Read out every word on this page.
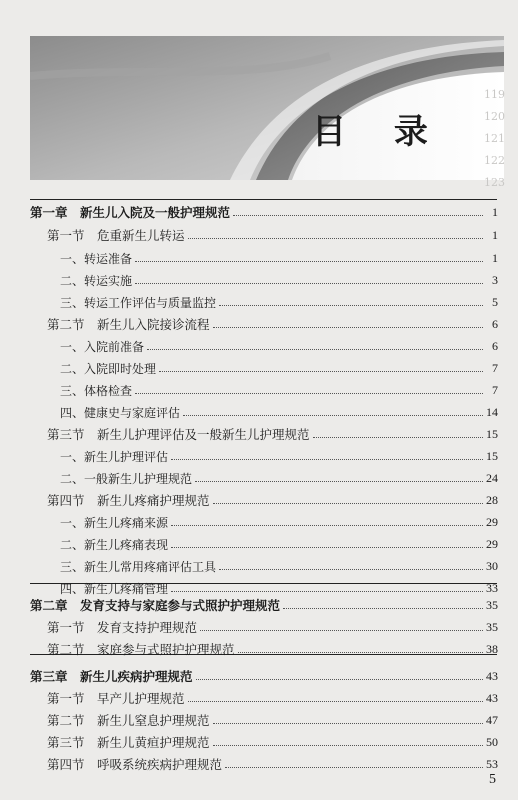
目 录
119
120
121
122
123
第一章　新生儿入院及一般护理规范	1
第一节　危重新生儿转运	1
一、转运准备	1
二、转运实施	3
三、转运工作评估与质量监控	5
第二节　新生儿入院接诊流程	6
一、入院前准备	6
二、入院即时处理	7
三、体格检查	7
四、健康史与家庭评估	14
第三节　新生儿护理评估及一般新生儿护理规范	15
一、新生儿护理评估	15
二、一般新生儿护理规范	24
第四节　新生儿疼痛护理规范	28
一、新生儿疼痛来源	29
二、新生儿疼痛表现	29
三、新生儿常用疼痛评估工具	30
四、新生儿疼痛管理	33
第二章　发育支持与家庭参与式照护护理规范	35
第一节　发育支持护理规范	35
第二节　家庭参与式照护护理规范	38
第三章　新生儿疾病护理规范	43
第一节　早产儿护理规范	43
第二节　新生儿窒息护理规范	47
第三节　新生儿黄疸护理规范	50
第四节　呼吸系统疾病护理规范	53
5
